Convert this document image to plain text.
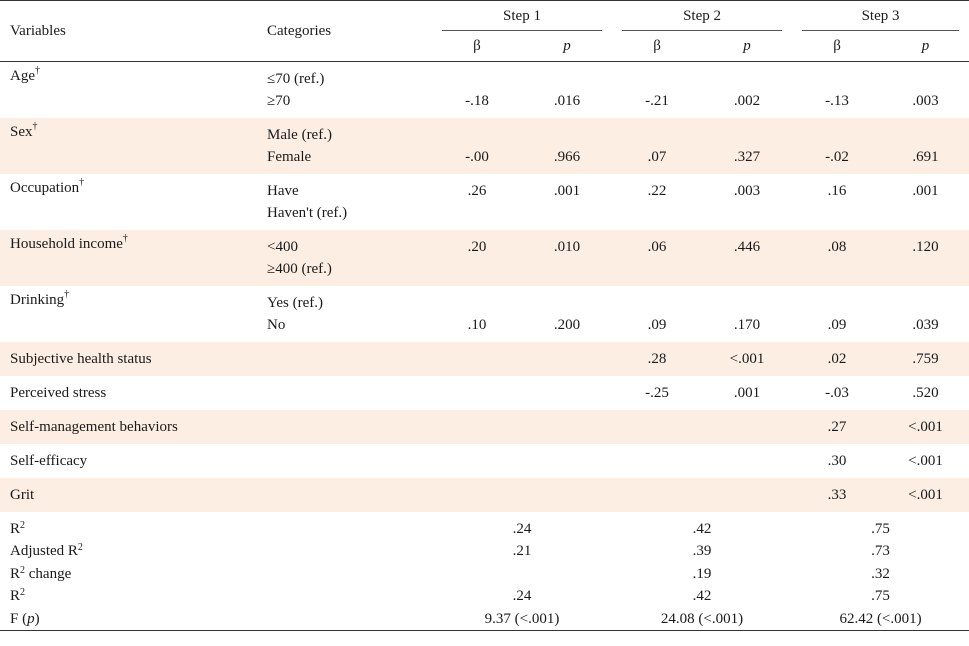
Variables	Categories	Step 1		Step 2		Step 3	

		β	p	β	p	β	p
Age†	≤70 (ref.)
≥70	-.18	.016	-.21	.002	-.13	.003

Sex†	Male (ref.)
Female	-.00	.966	.07	.327	-.02	.691

Occupation†	Have
Haven't (ref.)	.26	.001	.22	.003	.16	.001

Household income†	<400
≥400 (ref.)	.20	.010	.06	.446	.08	.120

Drinking†	Yes (ref.)
No	.10	.200	.09	.170	.09	.039

Subjective health status				.28	<.001	.02	.759
Perceived stress				-.25	.001	-.03	.520
Self-management behaviors						.27	<.001
Self-efficacy						.30	<.001
Grit						.33	<.001
$R^2$		.24		.42		.75	
Adjusted $R^2$		.21		.39		.73	
$R^2$ change				.19		.32	
$R^2$		.24		.42		.75	
F (p)		9.37 (<.001)		24.08 (<.001)		62.42 (<.001)	
